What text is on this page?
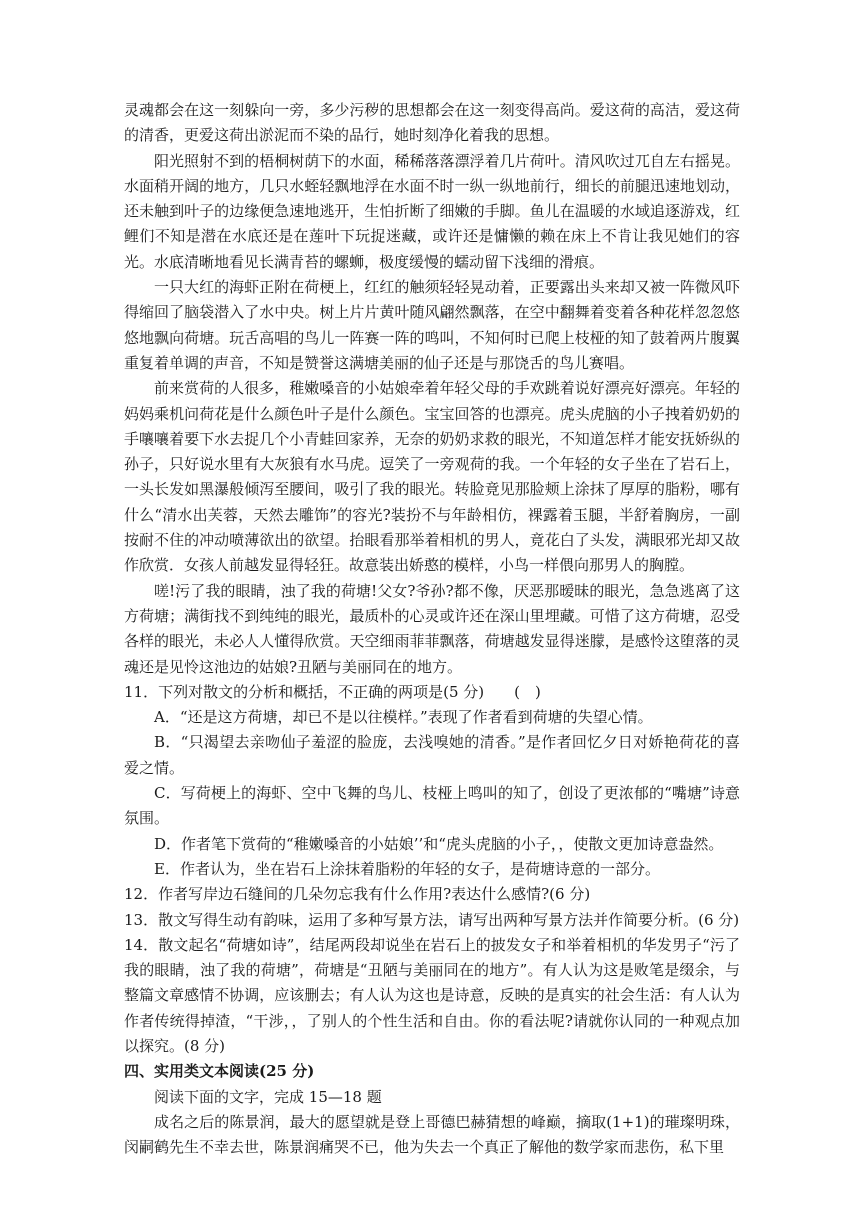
灵魂都会在这一刻躲向一旁，多少污秽的思想都会在这一刻变得高尚。爱这荷的高洁，爱这荷的清香，更爱这荷出淤泥而不染的品行，她时刻净化着我的思想。

阳光照射不到的梧桐树荫下的水面，稀稀落落漂浮着几片荷叶。清风吹过兀自左右摇晃。水面稍开阔的地方，几只水蛭轻飘地浮在水面不时一纵一纵地前行，细长的前腿迅速地划动，还未触到叶子的边缘便急速地逃开，生怕折断了细嫩的手脚。鱼儿在温暖的水域追逐游戏，红鲤们不知是潜在水底还是在莲叶下玩捉迷藏，或许还是慵懒的赖在床上不肯让我见她们的容光。水底清晰地看见长满青苔的螺蛳，极度缓慢的蠕动留下浅细的滑痕。

一只大红的海虾正附在荷梗上，红红的触须轻轻晃动着，正要露出头来却又被一阵微风吓得缩回了脑袋潜入了水中央。树上片片黄叶随风翩然飘落，在空中翻舞着变着各种花样忽忽悠悠地飘向荷塘。玩舌高唱的鸟儿一阵赛一阵的鸣叫，不知何时已爬上枝桠的知了鼓着两片腹翼重复着单调的声音，不知是赞誉这满塘美丽的仙子还是与那饶舌的鸟儿赛唱。

前来赏荷的人很多，稚嫩嗓音的小姑娘牵着年轻父母的手欢跳着说好漂亮好漂亮。年轻的妈妈乘机问荷花是什么颜色叶子是什么颜色。宝宝回答的也漂亮。虎头虎脑的小子拽着奶奶的手嚷嚷着要下水去捉几个小青蛙回家养，无奈的奶奶求救的眼光，不知道怎样才能安抚娇纵的孙子，只好说水里有大灰狼有水马虎。逗笑了一旁观荷的我。一个年轻的女子坐在了岩石上，一头长发如黑瀑般倾泻至腰间，吸引了我的眼光。转脸竟见那脸颊上涂抹了厚厚的脂粉，哪有什么“清水出芙蓉，天然去雕饰”的容光?装扮不与年龄相仿，裸露着玉腿，半舒着胸房，一副按耐不住的冲动喷薄欲出的欲望。抬眼看那举着相机的男人，竟花白了头发，满眼邪光却又故作欣赏．女孩人前越发显得轻狂。故意装出娇憨的模样，小鸟一样偎向那男人的胸膛。

嗟!污了我的眼睛，浊了我的荷塘!父女?爷孙?都不像，厌恶那暧昧的眼光，急急逃离了这方荷塘；满街找不到纯纯的眼光，最质朴的心灵或许还在深山里埋藏。可惜了这方荷塘，忍受各样的眼光，未必人人懂得欣赏。天空细雨菲菲飘落，荷塘越发显得迷朦，是感怜这堕落的灵魂还是见怜这池边的姑娘?丑陋与美丽同在的地方。

11．下列对散文的分析和概括，不正确的两项是(5 分)　　(　)

A．“还是这方荷塘，却已不是以往模样。”表现了作者看到荷塘的失望心情。

B．“只渴望去亲吻仙子羞涩的脸庞，去浅嗅她的清香。”是作者回忆夕日对娇艳荷花的喜爱之情。

C．写荷梗上的海虾、空中飞舞的鸟儿、枝桠上鸣叫的知了，创设了更浓郁的“嘴塘”诗意氛围。

D．作者笔下赏荷的“稚嫩嗓音的小姑娘’’和“虎头虎脑的小子，，使散文更加诗意盎然。

E．作者认为，坐在岩石上涂抹着脂粉的年轻的女子，是荷塘诗意的一部分。

12．作者写岸边石缝间的几朵勿忘我有什么作用?表达什么感情?(6 分)

13．散文写得生动有韵味，运用了多种写景方法，请写出两种写景方法并作简要分析。(6 分)

14．散文起名“荷塘如诗”，结尾两段却说坐在岩石上的披发女子和举着相机的华发男子“污了我的眼睛，浊了我的荷塘”，荷塘是“丑陋与美丽同在的地方”。有人认为这是败笔是缀余，与整篇文章感情不协调，应该删去；有人认为这也是诗意，反映的是真实的社会生活：有人认为作者传统得掉渣，“干涉，，了别人的个性生活和自由。你的看法呢?请就你认同的一种观点加以探究。(8 分)

四、实用类文本阅读(25 分)

阅读下面的文字，完成 15—18 题

成名之后的陈景润，最大的愿望就是登上哥德巴赫猜想的峰巅，摘取(1+1)的璀璨明珠，闵嗣鹤先生不幸去世，陈景润痛哭不已，他为失去一个真正了解他的数学家而悲伤，私下里
